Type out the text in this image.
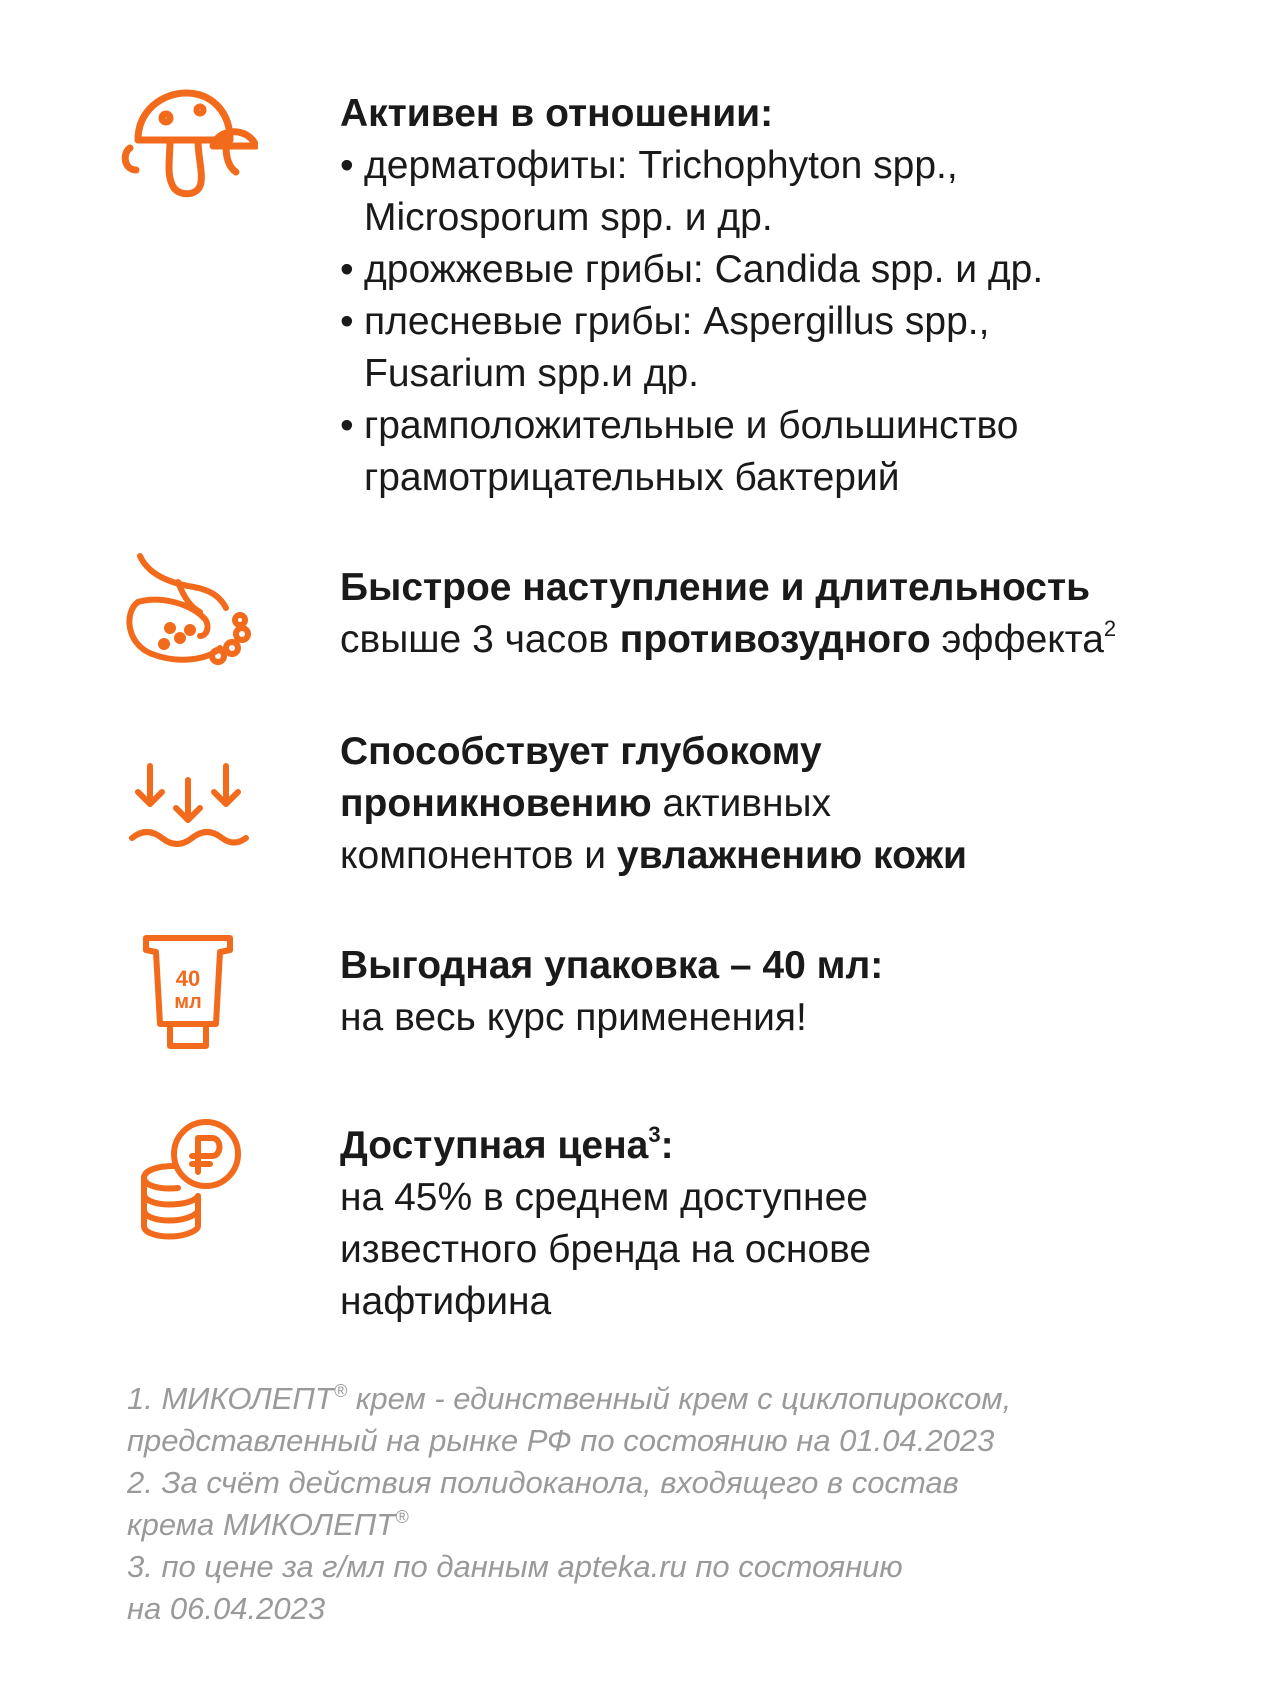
Активен в отношении:
• дерматофиты: Trichophyton spp.,
Microsporum spp. и др.
• дрожжевые грибы: Candida spp. и др.
• плесневые грибы: Aspergillus spp.,
Fusarium spp.и др.
• грамположительные и большинство
грамотрицательных бактерий
Быстрое наступление и длительность
свыше 3 часов противозудного эффекта$^2$
Способствует глубокому
проникновению активных
компонентов и увлажнению кожи
40
мл
Выгодная упаковка – 40 мл:
на весь курс применения!
Доступная цена$^3$:
на 45% в среднем доступнее
известного бренда на основе
нафтифина
1. МИКОЛЕПТ® крем - единственный крем с циклопироксом,
представленный на рынке РФ по состоянию на 01.04.2023
2. За счёт действия полидоканола, входящего в состав
крема МИКОЛЕПТ®
3. по цене за г/мл по данным apteka.ru по состоянию
на 06.04.2023
